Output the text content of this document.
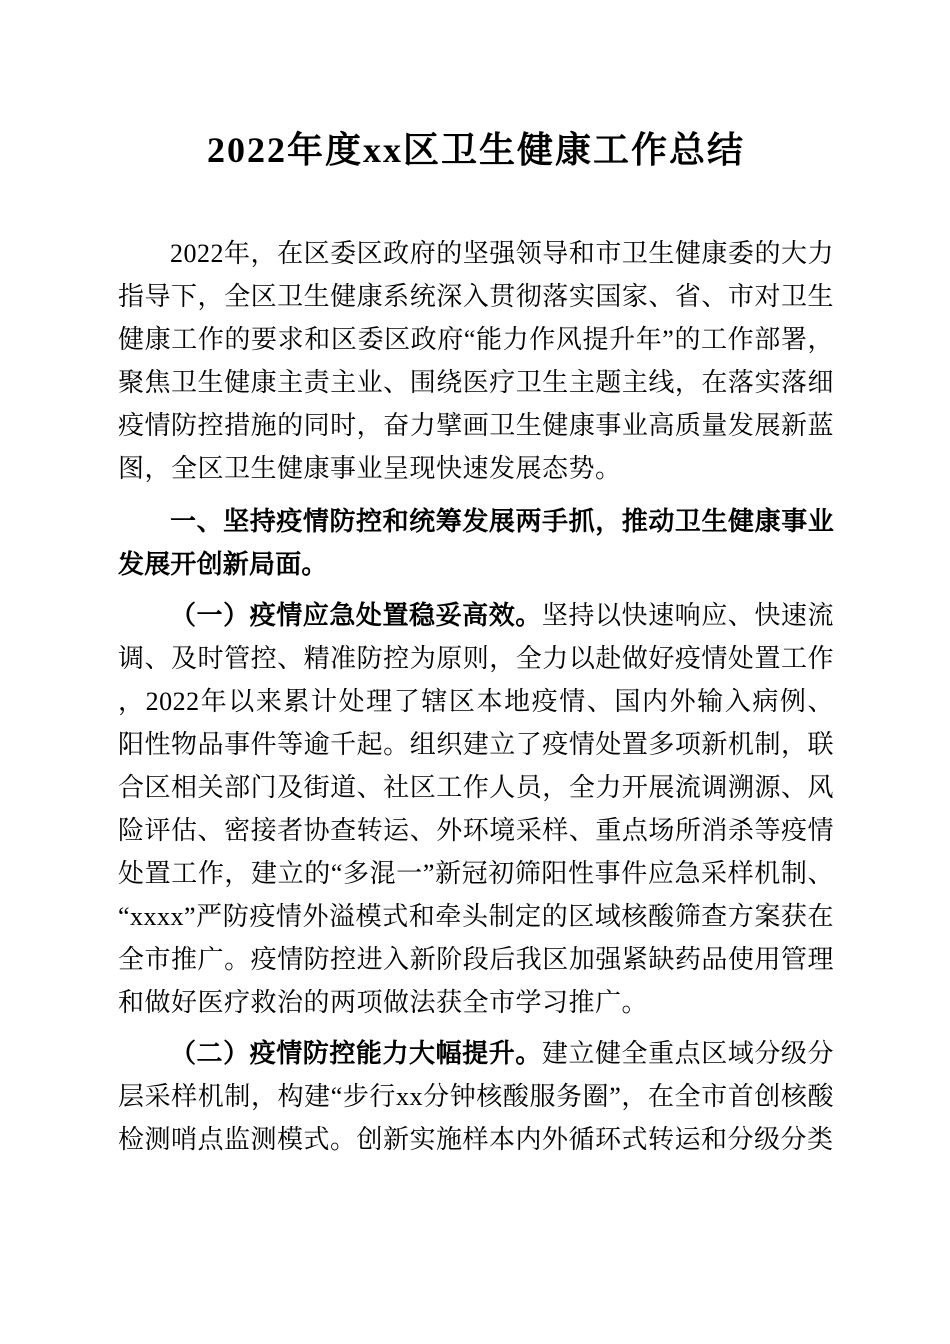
2022年度xx区卫生健康工作总结

2022年，在区委区政府的坚强领导和市卫生健康委的大力指导下，全区卫生健康系统深入贯彻落实国家、省、市对卫生健康工作的要求和区委区政府“能力作风提升年”的工作部署，聚焦卫生健康主责主业、围绕医疗卫生主题主线，在落实落细疫情防控措施的同时，奋力擘画卫生健康事业高质量发展新蓝图，全区卫生健康事业呈现快速发展态势。

一、坚持疫情防控和统筹发展两手抓，推动卫生健康事业发展开创新局面。

（一）疫情应急处置稳妥高效。坚持以快速响应、快速流调、及时管控、精准防控为原则，全力以赴做好疫情处置工作，2022年以来累计处理了辖区本地疫情、国内外输入病例、阳性物品事件等逾千起。组织建立了疫情处置多项新机制，联合区相关部门及街道、社区工作人员，全力开展流调溯源、风险评估、密接者协查转运、外环境采样、重点场所消杀等疫情处置工作，建立的“多混一”新冠初筛阳性事件应急采样机制、“xxxx”严防疫情外溢模式和牵头制定的区域核酸筛查方案获在全市推广。疫情防控进入新阶段后我区加强紧缺药品使用管理和做好医疗救治的两项做法获全市学习推广。

（二）疫情防控能力大幅提升。建立健全重点区域分级分层采样机制，构建“步行xx分钟核酸服务圈”，在全市首创核酸检测哨点监测模式。创新实施样本内外循环式转运和分级分类
